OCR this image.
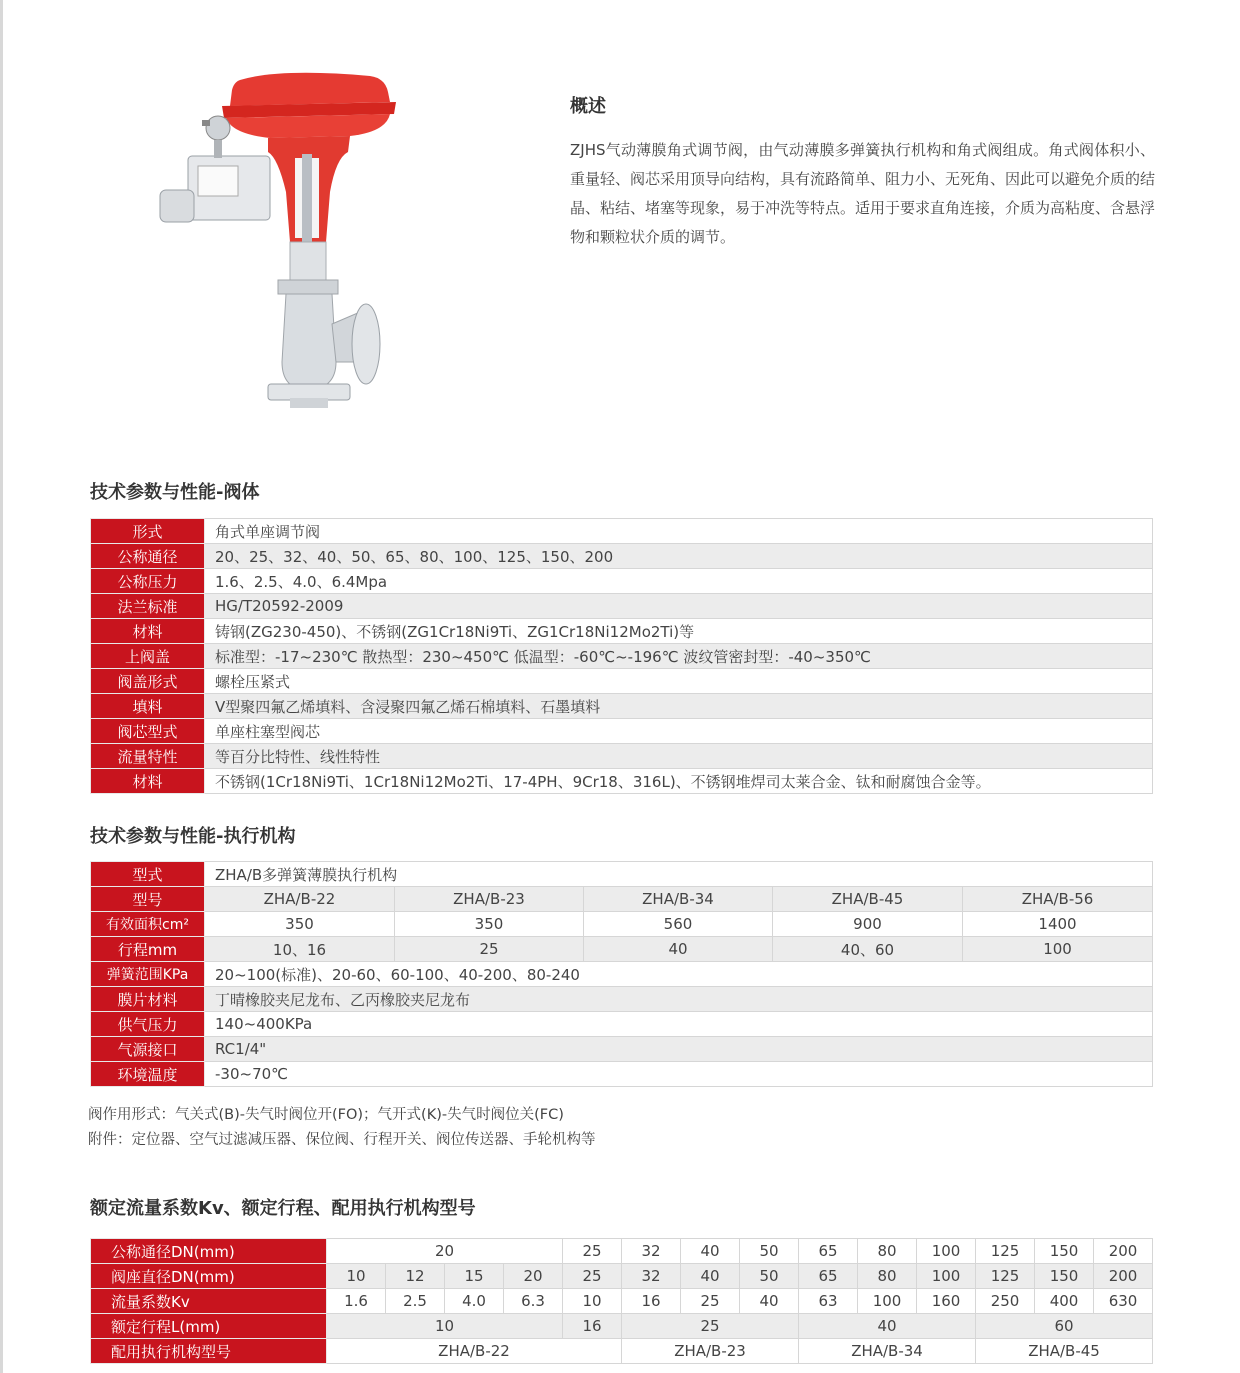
概述
ZJHS气动薄膜角式调节阀，由气动薄膜多弹簧执行机构和角式阀组成。角式阀体积小、重量轻、阀芯采用顶导向结构，具有流路简单、阻力小、无死角、因此可以避免介质的结晶、粘结、堵塞等现象，易于冲洗等特点。适用于要求直角连接，介质为高粘度、含悬浮物和颗粒状介质的调节。
技术参数与性能-阀体
形式	角式单座调节阀
公称通径	20、25、32、40、50、65、80、100、125、150、200
公称压力	1.6、2.5、4.0、6.4Mpa
法兰标准	HG/T20592-2009
材料	铸钢(ZG230-450)、不锈钢(ZG1Cr18Ni9Ti、ZG1Cr18Ni12Mo2Ti)等
上阀盖	标准型：-17~230℃ 散热型：230~450℃ 低温型：-60℃~-196℃ 波纹管密封型：-40~350℃
阀盖形式	螺栓压紧式
填料	V型聚四氟乙烯填料、含浸聚四氟乙烯石棉填料、石墨填料
阀芯型式	单座柱塞型阀芯
流量特性	等百分比特性、线性特性
材料	不锈钢(1Cr18Ni9Ti、1Cr18Ni12Mo2Ti、17-4PH、9Cr18、316L)、不锈钢堆焊司太莱合金、钛和耐腐蚀合金等。
技术参数与性能-执行机构
型式	ZHA/B多弹簧薄膜执行机构				
型号	ZHA/B-22	ZHA/B-23	ZHA/B-34	ZHA/B-45	ZHA/B-56
有效面积cm²	350	350	560	900	1400
行程mm	10、16	25	40	40、60	100
弹簧范围KPa	20~100(标准)、20-60、60-100、40-200、80-240				
膜片材料	丁晴橡胶夹尼龙布、乙丙橡胶夹尼龙布				
供气压力	140~400KPa				
气源接口	RC1/4"				
环境温度	-30~70℃				
阀作用形式：气关式(B)-失气时阀位开(FO)；气开式(K)-失气时阀位关(FC)
附件：定位器、空气过滤减压器、保位阀、行程开关、阀位传送器、手轮机构等
额定流量系数Kv、额定行程、配用执行机构型号
公称通径DN(mm)	20				25	32	40	50	65	80	100	125	150	200
阀座直径DN(mm)	10	12	15	20	25	32	40	50	65	80	100	125	150	200
流量系数Kv	1.6	2.5	4.0	6.3	10	16	25	40	63	100	160	250	400	630
额定行程L(mm)	10				16	25			40			60		
配用执行机构型号	ZHA/B-22					ZHA/B-23			ZHA/B-34			ZHA/B-45		
